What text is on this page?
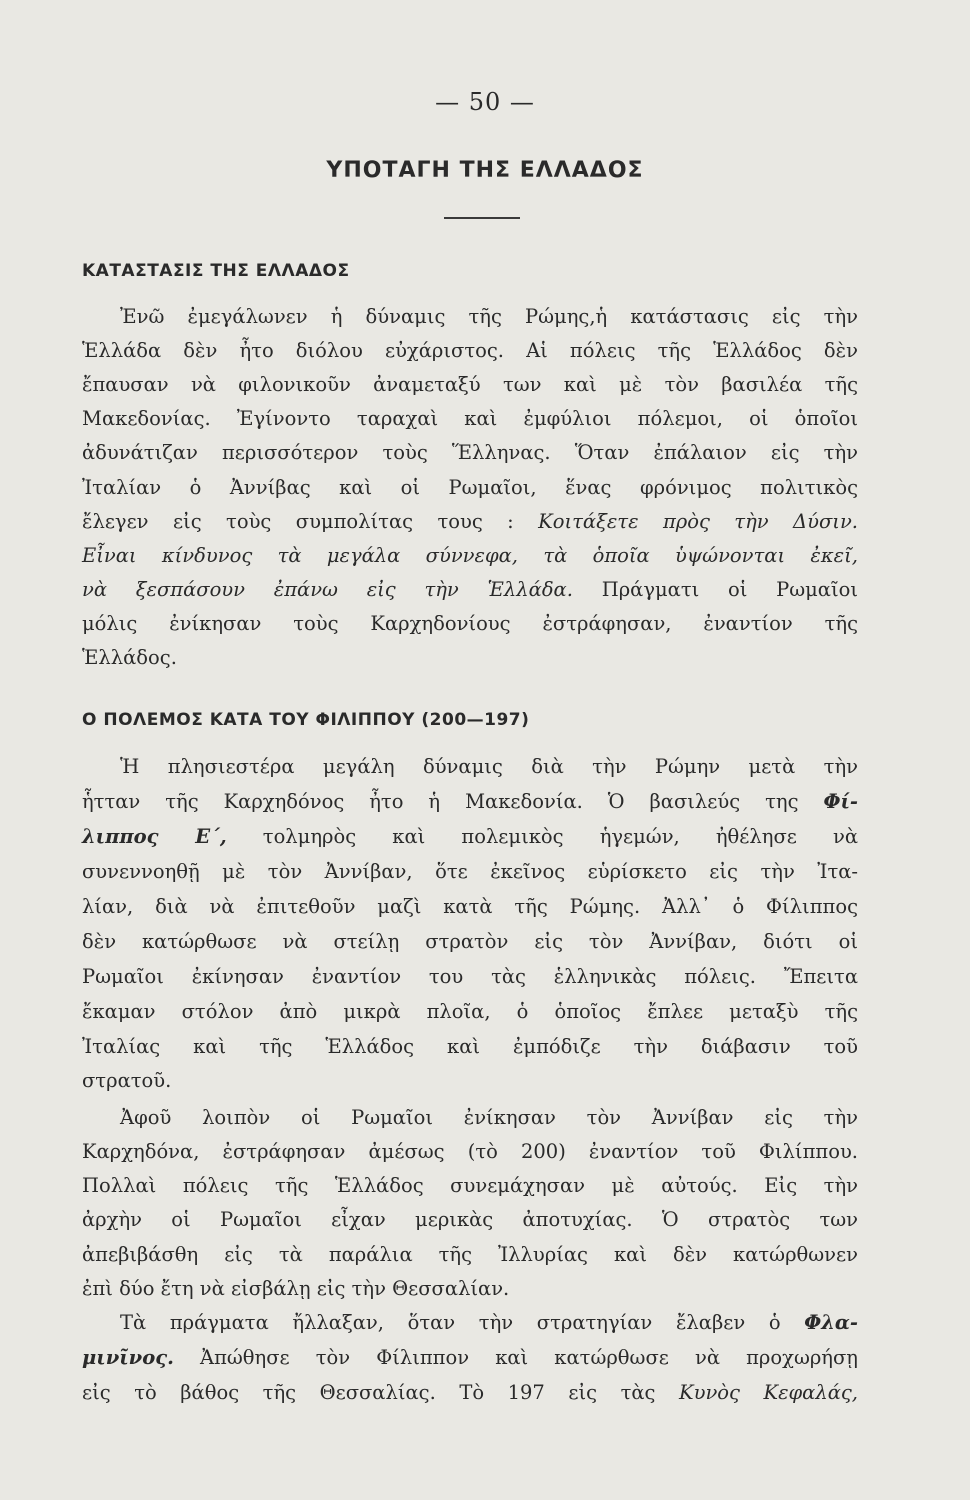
— 50 —
ΥΠΟΤΑΓΗ ΤΗΣ ΕΛΛΑΔΟΣ
ΚΑΤΑΣΤΑΣΙΣ ΤΗΣ ΕΛΛΑΔΟΣ
Ἐνῶ ἐμεγάλωνεν ἡ δύναμις τῆς Ρώμης,ἡ κατάστασις εἰς τὴν
Ἑλλάδα δὲν ἦτο διόλου εὐχάριστος. Αἱ πόλεις τῆς Ἑλλάδος δὲν
ἔπαυσαν νὰ φιλονικοῦν ἀναμεταξύ των καὶ μὲ τὸν βασιλέα τῆς
Μακεδονίας. Ἐγίνοντο ταραχαὶ καὶ ἐμφύλιοι πόλεμοι, οἱ ὁποῖοι
ἀδυνάτιζαν περισσότερον τοὺς Ἕλληνας. Ὅταν ἐπάλαιον εἰς τὴν
Ἰταλίαν ὁ Ἀννίβας καὶ οἱ Ρωμαῖοι, ἕνας φρόνιμος πολιτικὸς
ἔλεγεν εἰς τοὺς συμπολίτας τους : Κοιτάξετε πρὸς τὴν Δύσιν.
Εἶναι κίνδυνος τὰ μεγάλα σύννεφα, τὰ ὁποῖα ὑψώνονται ἐκεῖ,
νὰ ξεσπάσουν ἐπάνω εἰς τὴν Ἑλλάδα. Πράγματι οἱ Ρωμαῖοι
μόλις ἐνίκησαν τοὺς Καρχηδονίους ἐστράφησαν, ἐναντίον τῆς
Ἑλλάδος.
Ο ΠΟΛΕΜΟΣ ΚΑΤΑ ΤΟΥ ΦΙΛΙΠΠΟΥ (200—197)
Ἡ πλησιεστέρα μεγάλη δύναμις διὰ τὴν Ρώμην μετὰ τὴν
ἧτταν τῆς Καρχηδόνος ἦτο ἡ Μακεδονία. Ὁ βασιλεύς της Φί-
λιππος Ε΄, τολμηρὸς καὶ πολεμικὸς ἡγεμών, ἠθέλησε νὰ
συνεννοηθῇ μὲ τὸν Ἀννίβαν, ὅτε ἐκεῖνος εὑρίσκετο εἰς τὴν Ἰτα-
λίαν, διὰ νὰ ἐπιτεθοῦν μαζὶ κατὰ τῆς Ρώμης. Ἀλλ᾽ ὁ Φίλιππος
δὲν κατώρθωσε νὰ στείλῃ στρατὸν εἰς τὸν Ἀννίβαν, διότι οἱ
Ρωμαῖοι ἐκίνησαν ἐναντίον του τὰς ἑλληνικὰς πόλεις. Ἔπειτα
ἔκαμαν στόλον ἀπὸ μικρὰ πλοῖα, ὁ ὁποῖος ἔπλεε μεταξὺ τῆς
Ἰταλίας καὶ τῆς Ἑλλάδος καὶ ἐμπόδιζε τὴν διάβασιν τοῦ
στρατοῦ.
Ἀφοῦ λοιπὸν οἱ Ρωμαῖοι ἐνίκησαν τὸν Ἀννίβαν εἰς τὴν
Καρχηδόνα, ἐστράφησαν ἀμέσως (τὸ 200) ἐναντίον τοῦ Φιλίππου.
Πολλαὶ πόλεις τῆς Ἑλλάδος συνεμάχησαν μὲ αὐτούς. Εἰς τὴν
ἀρχὴν οἱ Ρωμαῖοι εἶχαν μερικὰς ἀποτυχίας. Ὁ στρατὸς των
ἀπεβιβάσθη εἰς τὰ παράλια τῆς Ἰλλυρίας καὶ δὲν κατώρθωνεν
ἐπὶ δύο ἔτη νὰ εἰσβάλῃ εἰς τὴν Θεσσαλίαν.
Τὰ πράγματα ἤλλαξαν, ὅταν τὴν στρατηγίαν ἔλαβεν ὁ Φλα-
μινῖνος. Ἀπώθησε τὸν Φίλιππον καὶ κατώρθωσε νὰ προχωρήσῃ
εἰς τὸ βάθος τῆς Θεσσαλίας. Τὸ 197 εἰς τὰς Κυνὸς Κεφαλάς,
